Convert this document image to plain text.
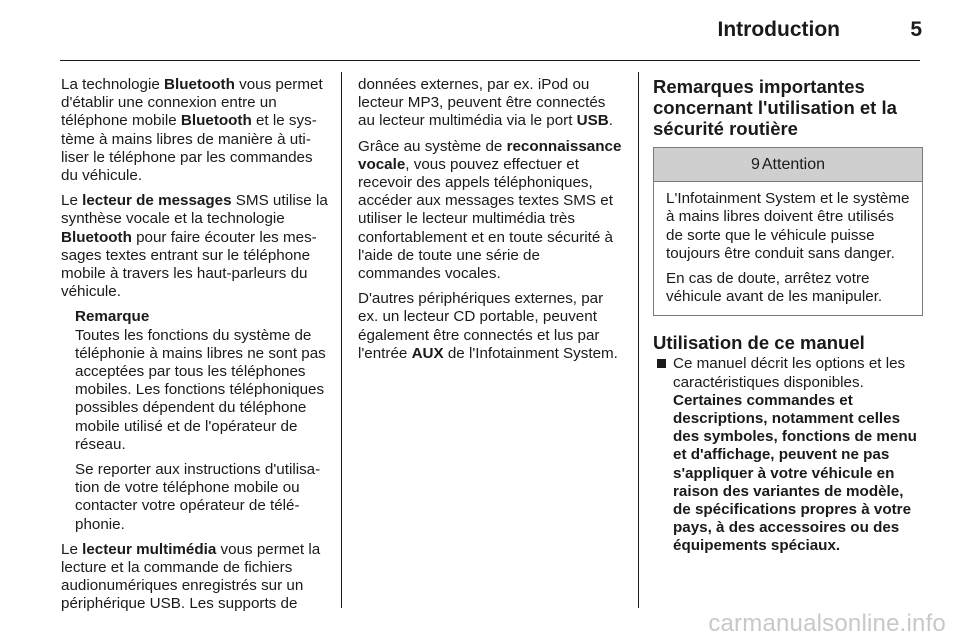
Introduction	5

La technologie Bluetooth vous permet d'établir une connexion entre un téléphone mobile Bluetooth et le système à mains libres de manière à utiliser le téléphone par les commandes du véhicule.

Le lecteur de messages SMS utilise la synthèse vocale et la technologie Bluetooth pour faire écouter les messages textes entrant sur le téléphone mobile à travers les haut-parleurs du véhicule.

Remarque

Toutes les fonctions du système de téléphonie à mains libres ne sont pas acceptées par tous les téléphones mobiles. Les fonctions téléphoniques possibles dépendent du téléphone mobile utilisé et de l'opérateur de réseau.

Se reporter aux instructions d'utilisation de votre téléphone mobile ou contacter votre opérateur de téléphonie.

Le lecteur multimédia vous permet la lecture et la commande de fichiers audionumériques enregistrés sur un périphérique USB. Les supports de

données externes, par ex. iPod ou lecteur MP3, peuvent être connectés au lecteur multimédia via le port USB.

Grâce au système de reconnaissance vocale, vous pouvez effectuer et recevoir des appels téléphoniques, accéder aux messages textes SMS et utiliser le lecteur multimédia très confortablement et en toute sécurité à l'aide de toute une série de commandes vocales.

D'autres périphériques externes, par ex. un lecteur CD portable, peuvent également être connectés et lus par l'entrée AUX de l'Infotainment System.

Remarques importantes concernant l'utilisation et la sécurité routière
9 Attention

L'Infotainment System et le système à mains libres doivent être utilisés de sorte que le véhicule puisse toujours être conduit sans danger.

En cas de doute, arrêtez votre véhicule avant de les manipuler.

Utilisation de ce manuel
Ce manuel décrit les options et les caractéristiques disponibles.
Certaines commandes et descriptions, notamment celles des symboles, fonctions de menu et d'affichage, peuvent ne pas s'appliquer à votre véhicule en raison des variantes de modèle, de spécifications propres à votre pays, à des accessoires ou des équipements spéciaux.
carmanualsonline.info
